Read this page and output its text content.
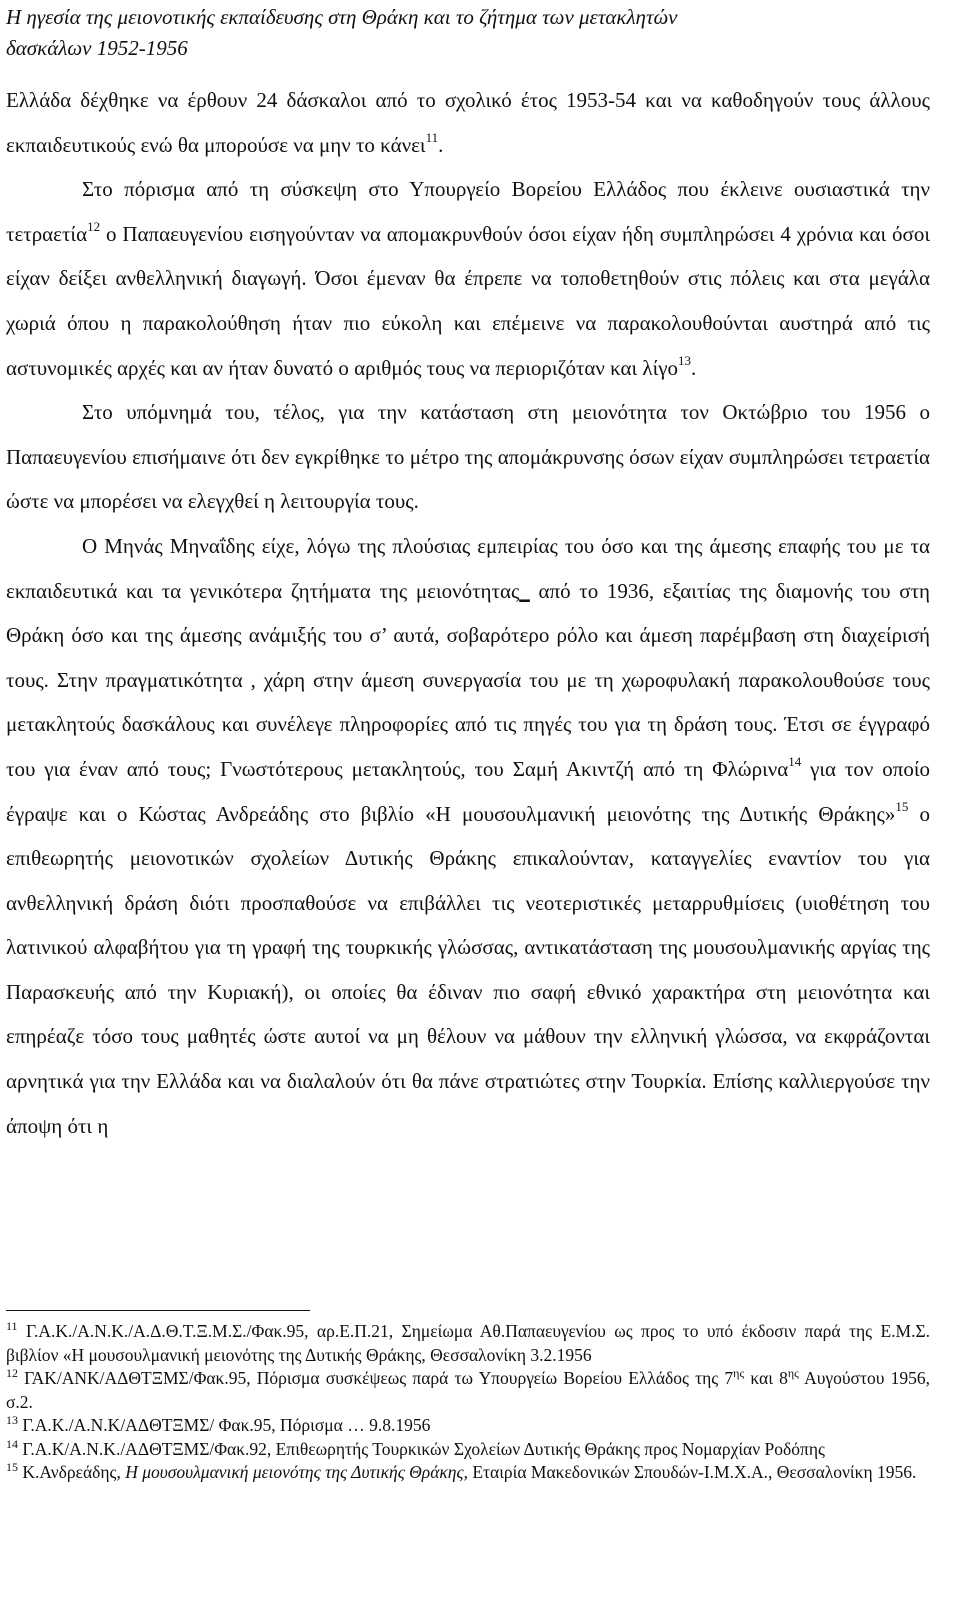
Η ηγεσία της μειονοτικής εκπαίδευσης στη Θράκη και το ζήτημα των μετακλητών
δασκάλων 1952-1956

Ελλάδα δέχθηκε να έρθουν 24 δάσκαλοι από το σχολικό έτος 1953-54 και να καθοδηγούν τους άλλους εκπαιδευτικούς ενώ θα μπορούσε να μην το κάνει$^{11}$.

Στο πόρισμα από τη σύσκεψη στο Υπουργείο Βορείου Ελλάδος που έκλεινε ουσιαστικά την τετραετία$^{12}$ ο Παπαευγενίου εισηγούνταν να απομακρυνθούν όσοι είχαν ήδη συμπληρώσει 4 χρόνια και όσοι είχαν δείξει ανθελληνική διαγωγή. Όσοι έμεναν θα έπρεπε να τοποθετηθούν στις πόλεις και στα μεγάλα χωριά όπου η παρακολούθηση ήταν πιο εύκολη και επέμεινε να παρακολουθούνται αυστηρά από τις αστυνομικές αρχές και αν ήταν δυνατό ο αριθμός τους να περιοριζόταν και λίγο$^{13}$.

Στο υπόμνημά του, τέλος, για την κατάσταση στη μειονότητα τον Οκτώβριο του 1956 ο Παπαευγενίου επισήμαινε ότι δεν εγκρίθηκε το μέτρο της απομάκρυνσης όσων είχαν συμπληρώσει τετραετία ώστε να μπορέσει να ελεγχθεί η λειτουργία τους.

Ο Μηνάς Μηναΐδης είχε, λόγω της πλούσιας εμπειρίας του όσο και της άμεσης επαφής του με τα εκπαιδευτικά και τα γενικότερα ζητήματα της μειονότητας_ από το 1936, εξαιτίας της διαμονής του στη Θράκη όσο και της άμεσης ανάμιξής του σ’ αυτά, σοβαρότερο ρόλο και άμεση παρέμβαση στη διαχείρισή τους. Στην πραγματικότητα , χάρη στην άμεση συνεργασία του με τη χωροφυλακή παρακολουθούσε τους μετακλητούς δασκάλους και συνέλεγε πληροφορίες από τις πηγές του για τη δράση τους. Έτσι σε έγγραφό του για έναν από τους; Γνωστότερους μετακλητούς, του Σαμή Ακιντζή από τη Φλώρινα$^{14}$ για τον οποίο έγραψε και ο Κώστας Ανδρεάδης στο βιβλίο «Η μουσουλμανική μειονότης της Δυτικής Θράκης»$^{15}$ ο επιθεωρητής μειονοτικών σχολείων Δυτικής Θράκης επικαλούνταν, καταγγελίες εναντίον του για ανθελληνική δράση διότι προσπαθούσε να επιβάλλει τις νεοτεριστικές μεταρρυθμίσεις (υιοθέτηση του λατινικού αλφαβήτου για τη γραφή της τουρκικής γλώσσας, αντικατάσταση της μουσουλμανικής αργίας της Παρασκευής από την Κυριακή), οι οποίες θα έδιναν πιο σαφή εθνικό χαρακτήρα στη μειονότητα και επηρέαζε τόσο τους μαθητές ώστε αυτοί να μη θέλουν να μάθουν την ελληνική γλώσσα, να εκφράζονται αρνητικά για την Ελλάδα και να διαλαλούν ότι θα πάνε στρατιώτες στην Τουρκία. Επίσης καλλιεργούσε την άποψη ότι η

$^{11}$ Γ.Α.Κ./Α.Ν.Κ./Α.Δ.Θ.Τ.Ξ.Μ.Σ./Φακ.95, αρ.Ε.Π.21, Σημείωμα Αθ.Παπαευγενίου ως προς το υπό έκδοσιν παρά της Ε.Μ.Σ. βιβλίον «Η μουσουλμανική μειονότης της Δυτικής Θράκης, Θεσσαλονίκη 3.2.1956

$^{12}$ ΓΑΚ/ΑΝΚ/ΑΔΘΤΞΜΣ/Φακ.95, Πόρισμα συσκέψεως παρά τω Υπουργείω Βορείου Ελλάδος της 7$^{\eta\varsigma}$ και 8$^{\eta\varsigma}$ Αυγούστου 1956, σ.2.

$^{13}$ Γ.Α.Κ./Α.Ν.Κ/ΑΔΘΤΞΜΣ/ Φακ.95, Πόρισμα … 9.8.1956

$^{14}$ Γ.Α.Κ/Α.Ν.Κ./ΑΔΘΤΞΜΣ/Φακ.92, Επιθεωρητής Τουρκικών Σχολείων Δυτικής Θράκης προς Νομαρχίαν Ροδόπης

$^{15}$ Κ.Ανδρεάδης, Η μουσουλμανική μειονότης της Δυτικής Θράκης, Εταιρία Μακεδονικών Σπουδών-Ι.Μ.Χ.Α., Θεσσαλονίκη 1956.
